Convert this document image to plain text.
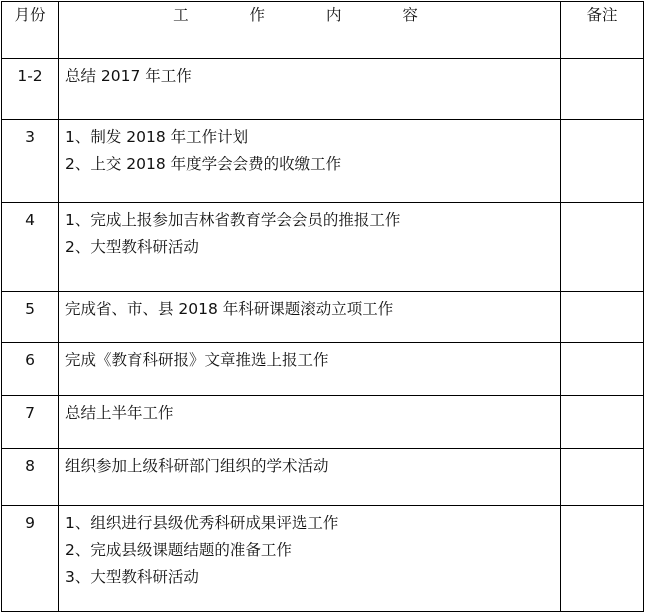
月份	工 作 内 容	备注
1-2	总结 2017 年工作	

3	1、制发 2018 年工作计划
2、上交 2018 年度学会会费的收缴工作	

4	1、完成上报参加吉林省教育学会会员的推报工作
2、大型教科研活动	

5	完成省、市、县 2018 年科研课题滚动立项工作	

6	完成《教育科研报》文章推选上报工作	

7	总结上半年工作	

8	组织参加上级科研部门组织的学术活动	

9	1、组织进行县级优秀科研成果评选工作
2、完成县级课题结题的准备工作
3、大型教科研活动	
